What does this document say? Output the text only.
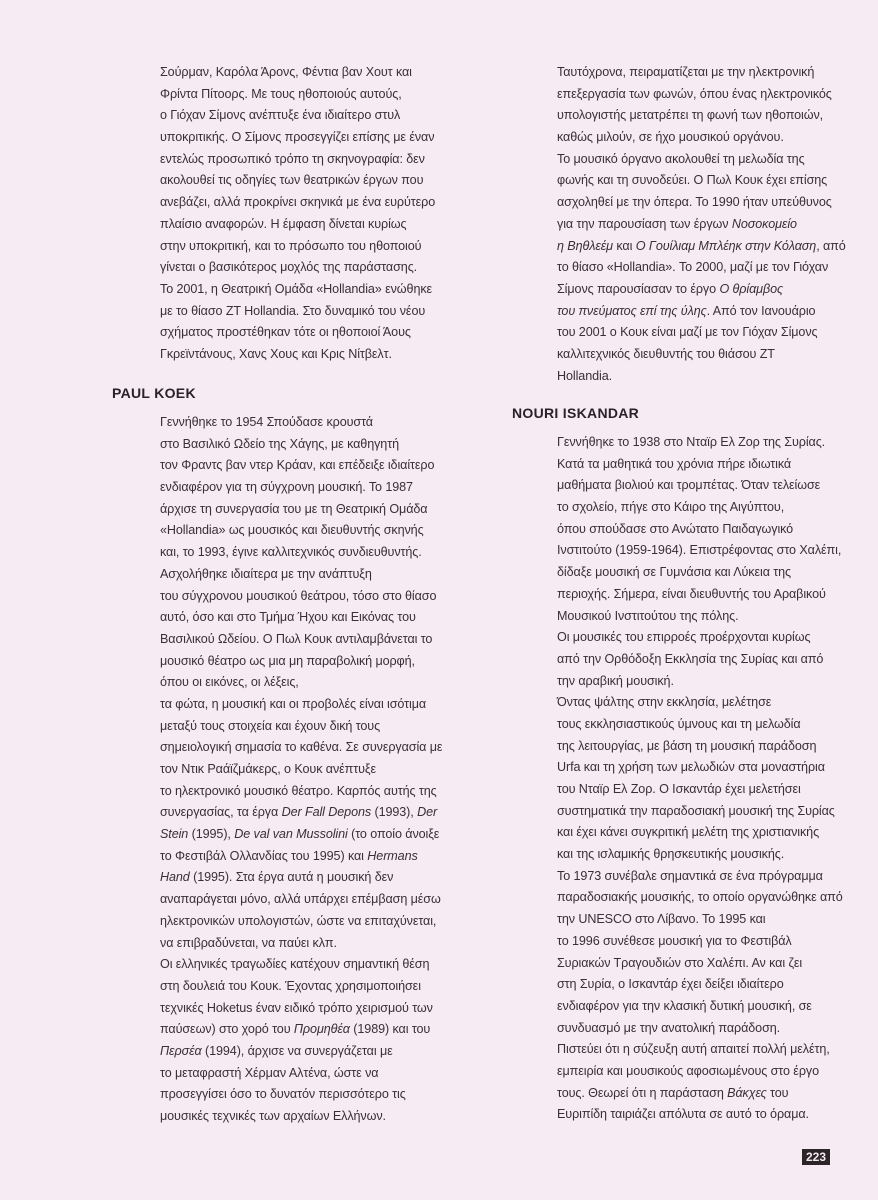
Σούρμαν, Καρόλα Άρονς, Φέντια βαν Χουτ και
Φρίντα Πίτοορς. Με τους ηθοποιούς αυτούς,
ο Γιόχαν Σίμονς ανέπτυξε ένα ιδιαίτερο στυλ
υποκριτικής. Ο Σίμονς προσεγγίζει επίσης με έναν
εντελώς προσωπικό τρόπο τη σκηνογραφία: δεν
ακολουθεί τις οδηγίες των θεατρικών έργων που
ανεβάζει, αλλά προκρίνει σκηνικά με ένα ευρύτερο
πλαίσιο αναφορών. Η έμφαση δίνεται κυρίως
στην υποκριτική, και το πρόσωπο του ηθοποιού
γίνεται ο βασικότερος μοχλός της παράστασης.
Το 2001, η Θεατρική Ομάδα «Hollandia» ενώθηκε
με το θίασο ΖΤ Hollandia. Στο δυναμικό του νέου
σχήματος προστέθηκαν τότε οι ηθοποιοί Άους
Γκρεϊντάνους, Χανς Χους και Κρις Νίτβελτ.
PAUL KOEK
Γεννήθηκε το 1954 Σπούδασε κρουστά
στο Βασιλικό Ωδείο της Χάγης, με καθηγητή
τον Φραντς βαν ντερ Κράαν, και επέδειξε ιδιαίτερο
ενδιαφέρον για τη σύγχρονη μουσική. Το 1987
άρχισε τη συνεργασία του με τη Θεατρική Ομάδα
«Hollandia» ως μουσικός και διευθυντής σκηνής
και, το 1993, έγινε καλλιτεχνικός συνδιευθυντής.
Ασχολήθηκε ιδιαίτερα με την ανάπτυξη
του σύγχρονου μουσικού θεάτρου, τόσο στο θίασο
αυτό, όσο και στο Τμήμα Ήχου και Εικόνας του
Βασιλικού Ωδείου. Ο Πωλ Κουκ αντιλαμβάνεται το
μουσικό θέατρο ως μια μη παραβολική μορφή,
όπου οι εικόνες, οι λέξεις,
τα φώτα, η μουσική και οι προβολές είναι ισότιμα
μεταξύ τους στοιχεία και έχουν δική τους
σημειολογική σημασία το καθένα. Σε συνεργασία με
τον Ντικ Ραάϊζμάκερς, ο Κουκ ανέπτυξε
το ηλεκτρονικό μουσικό θέατρο. Καρπός αυτής της
συνεργασίας, τα έργα Der Fall Depons (1993), Der
Stein (1995), De val van Mussolini (το οποίο άνοιξε
το Φεστιβάλ Ολλανδίας του 1995) και Hermans
Hand (1995). Στα έργα αυτά η μουσική δεν
αναπαράγεται μόνο, αλλά υπάρχει επέμβαση μέσω
ηλεκτρονικών υπολογιστών, ώστε να επιταχύνεται,
να επιβραδύνεται, να παύει κλπ.
Οι ελληνικές τραγωδίες κατέχουν σημαντική θέση
στη δουλειά του Κουκ. Έχοντας χρησιμοποιήσει
τεχνικές Hoketus έναν ειδικό τρόπο χειρισμού των
παύσεων) στο χορό του Προμηθέα (1989) και του
Περσέα (1994), άρχισε να συνεργάζεται με
το μεταφραστή Χέρμαν Αλτένα, ώστε να
προσεγγίσει όσο το δυνατόν περισσότερο τις
μουσικές τεχνικές των αρχαίων Ελλήνων.
Ταυτόχρονα, πειραματίζεται με την ηλεκτρονική
επεξεργασία των φωνών, όπου ένας ηλεκτρονικός
υπολογιστής μετατρέπει τη φωνή των ηθοποιών,
καθώς μιλούν, σε ήχο μουσικού οργάνου.
Το μουσικό όργανο ακολουθεί τη μελωδία της
φωνής και τη συνοδεύει. Ο Πωλ Κουκ έχει επίσης
ασχοληθεί με την όπερα. Το 1990 ήταν υπεύθυνος
για την παρουσίαση των έργων Νοσοκομείο
η Βηθλεέμ και Ο Γουίλιαμ Μπλέηκ στην Κόλαση, από
το θίασο «Hollandia». Το 2000, μαζί με τον Γιόχαν
Σίμονς παρουσίασαν το έργο Ο θρίαμβος
του πνεύματος επί της ύλης. Από τον Ιανουάριο
του 2001 ο Κουκ είναι μαζί με τον Γιόχαν Σίμονς
καλλιτεχνικός διευθυντής του θιάσου ΖΤ
Hollandia.
NOURI ISKANDAR
Γεννήθηκε το 1938 στο Νταϊρ Ελ Ζορ της Συρίας.
Κατά τα μαθητικά του χρόνια πήρε ιδιωτικά
μαθήματα βιολιού και τρομπέτας. Όταν τελείωσε
το σχολείο, πήγε στο Κάιρο της Αιγύπτου,
όπου σπούδασε στο Ανώτατο Παιδαγωγικό
Ινστιτούτο (1959-1964). Επιστρέφοντας στο Χαλέπι,
δίδαξε μουσική σε Γυμνάσια και Λύκεια της
περιοχής. Σήμερα, είναι διευθυντής του Αραβικού
Μουσικού Ινστιτούτου της πόλης.
Οι μουσικές του επιρροές προέρχονται κυρίως
από την Ορθόδοξη Εκκλησία της Συρίας και από
την αραβική μουσική.
Όντας ψάλτης στην εκκλησία, μελέτησε
τους εκκλησιαστικούς ύμνους και τη μελωδία
της λειτουργίας, με βάση τη μουσική παράδοση
Urfa και τη χρήση των μελωδιών στα μοναστήρια
του Νταϊρ Ελ Ζορ. Ο Ισκαντάρ έχει μελετήσει
συστηματικά την παραδοσιακή μουσική της Συρίας
και έχει κάνει συγκριτική μελέτη της χριστιανικής
και της ισλαμικής θρησκευτικής μουσικής.
Το 1973 συνέβαλε σημαντικά σε ένα πρόγραμμα
παραδοσιακής μουσικής, το οποίο οργανώθηκε από
την UNESCO στο Λίβανο. Το 1995 και
το 1996 συνέθεσε μουσική για το Φεστιβάλ
Συριακών Τραγουδιών στο Χαλέπι. Αν και ζει
στη Συρία, ο Ισκαντάρ έχει δείξει ιδιαίτερο
ενδιαφέρον για την κλασική δυτική μουσική, σε
συνδυασμό με την ανατολική παράδοση.
Πιστεύει ότι η σύζευξη αυτή απαιτεί πολλή μελέτη,
εμπειρία και μουσικούς αφοσιωμένους στο έργο
τους. Θεωρεί ότι η παράσταση Βάκχες του
Ευριπίδη ταιριάζει απόλυτα σε αυτό το όραμα.
223
